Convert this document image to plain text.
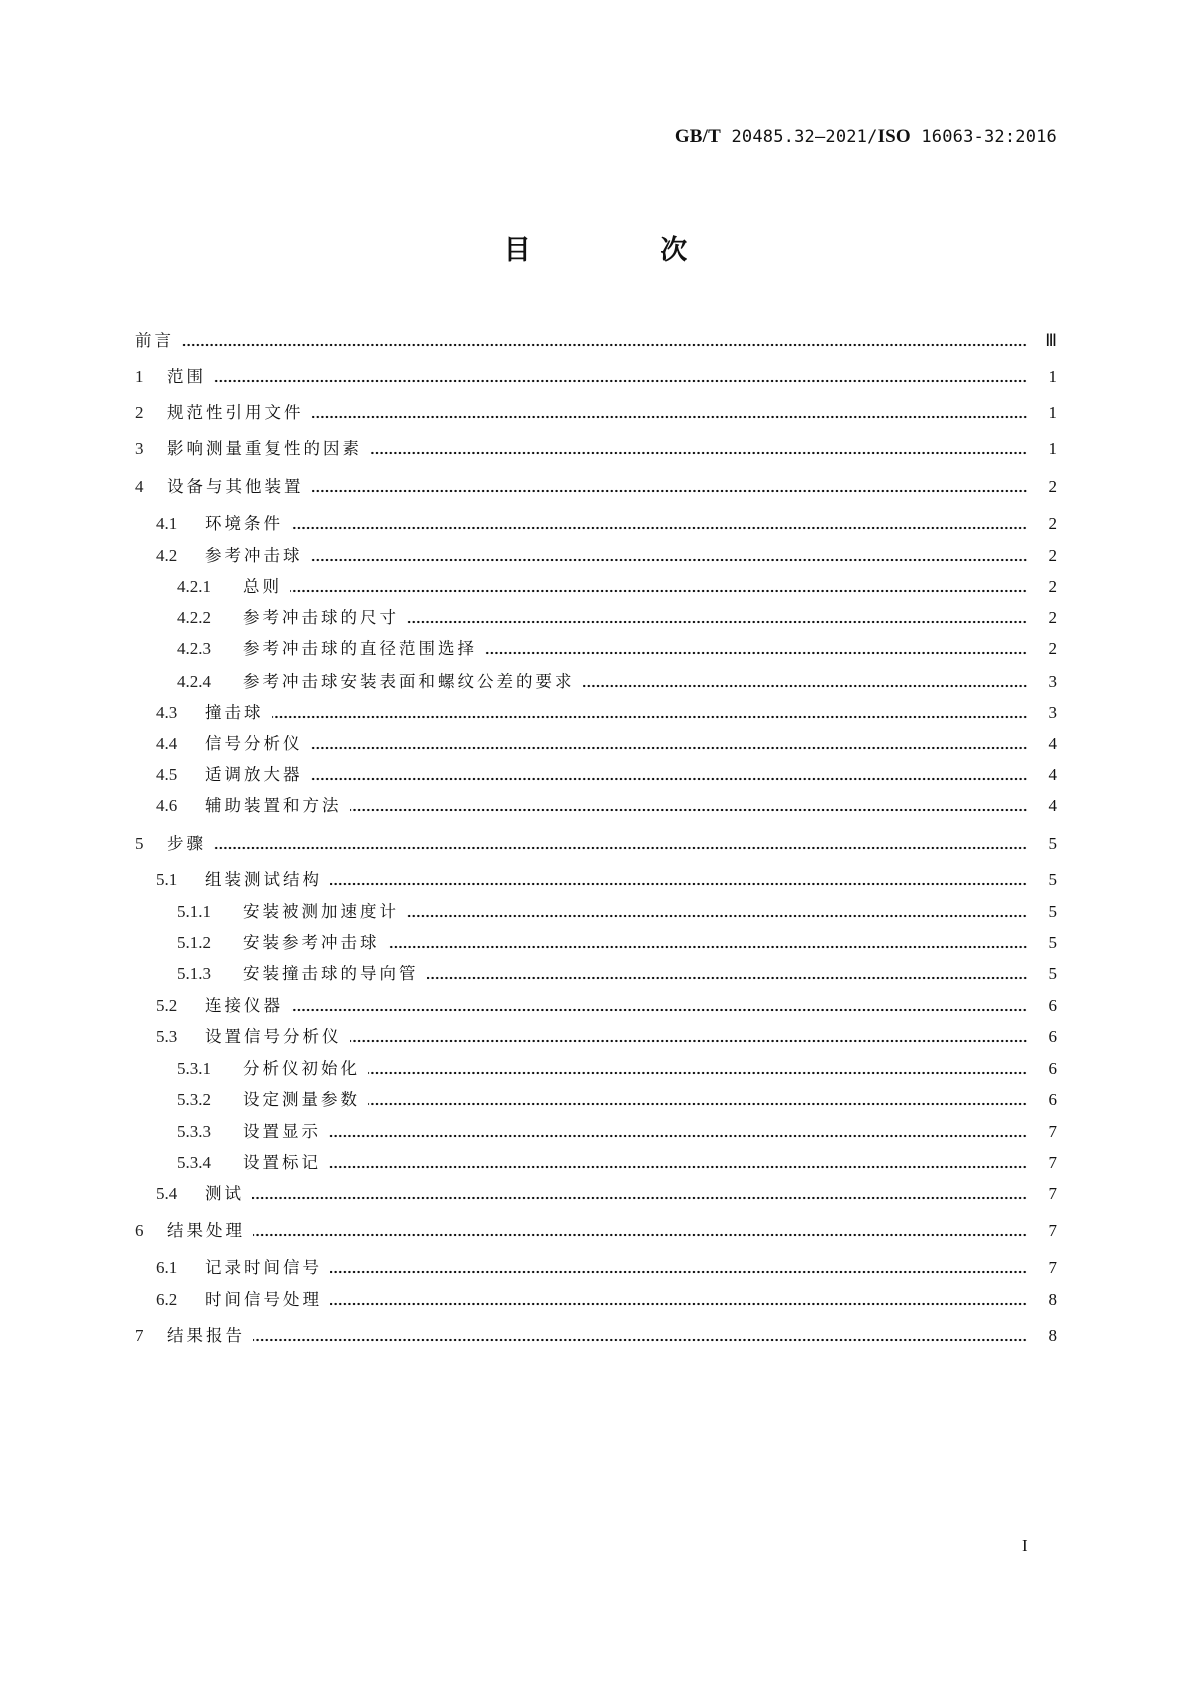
GB/T 20485.32—2021/ISO 16063-32:2016
目 次
前言	Ⅲ
1	范围	1
2	规范性引用文件	1
3	影响测量重复性的因素	1
4	设备与其他装置	2
4.1	环境条件	2
4.2	参考冲击球	2
4.2.1	总则	2
4.2.2	参考冲击球的尺寸	2
4.2.3	参考冲击球的直径范围选择	2
4.2.4	参考冲击球安装表面和螺纹公差的要求	3
4.3	撞击球	3
4.4	信号分析仪	4
4.5	适调放大器	4
4.6	辅助装置和方法	4
5	步骤	5
5.1	组装测试结构	5
5.1.1	安装被测加速度计	5
5.1.2	安装参考冲击球	5
5.1.3	安装撞击球的导向管	5
5.2	连接仪器	6
5.3	设置信号分析仪	6
5.3.1	分析仪初始化	6
5.3.2	设定测量参数	6
5.3.3	设置显示	7
5.3.4	设置标记	7
5.4	测试	7
6	结果处理	7
6.1	记录时间信号	7
6.2	时间信号处理	8
7	结果报告	8
I
